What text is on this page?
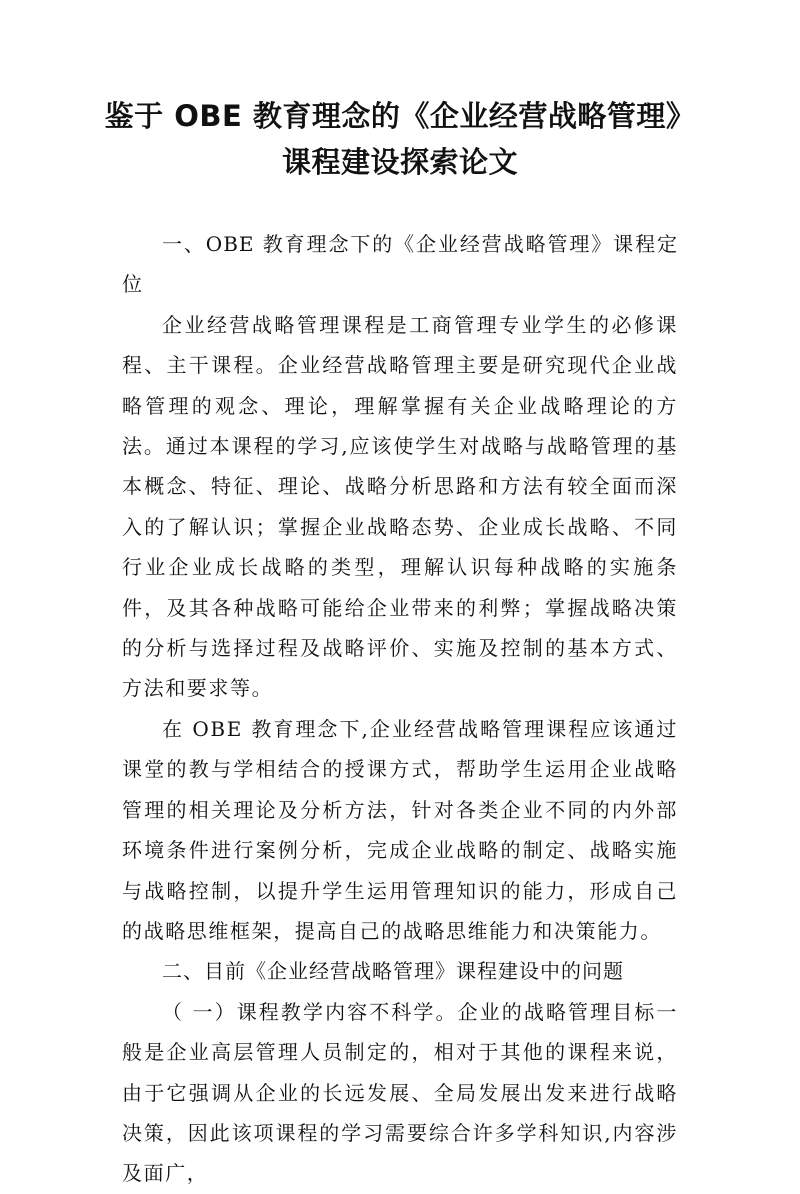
鉴于 OBE 教育理念的《企业经营战略管理》
课程建设探索论文

一、OBE 教育理念下的《企业经营战略管理》课程定位

企业经营战略管理课程是工商管理专业学生的必修课程、主干课程。企业经营战略管理主要是研究现代企业战略管理的观念、理论，理解掌握有关企业战略理论的方法。通过本课程的学习,应该使学生对战略与战略管理的基本概念、特征、理论、战略分析思路和方法有较全面而深入的了解认识；掌握企业战略态势、企业成长战略、不同行业企业成长战略的类型，理解认识每种战略的实施条件，及其各种战略可能给企业带来的利弊；掌握战略决策的分析与选择过程及战略评价、实施及控制的基本方式、方法和要求等。

在 OBE 教育理念下,企业经营战略管理课程应该通过课堂的教与学相结合的授课方式，帮助学生运用企业战略管理的相关理论及分析方法，针对各类企业不同的内外部环境条件进行案例分析，完成企业战略的制定、战略实施与战略控制，以提升学生运用管理知识的能力，形成自己的战略思维框架，提高自己的战略思维能力和决策能力。

二、目前《企业经营战略管理》课程建设中的问题

（ 一）课程教学内容不科学。企业的战略管理目标一般是企业高层管理人员制定的，相对于其他的课程来说，由于它强调从企业的长远发展、全局发展出发来进行战略决策，因此该项课程的学习需要综合许多学科知识,内容涉及面广，
